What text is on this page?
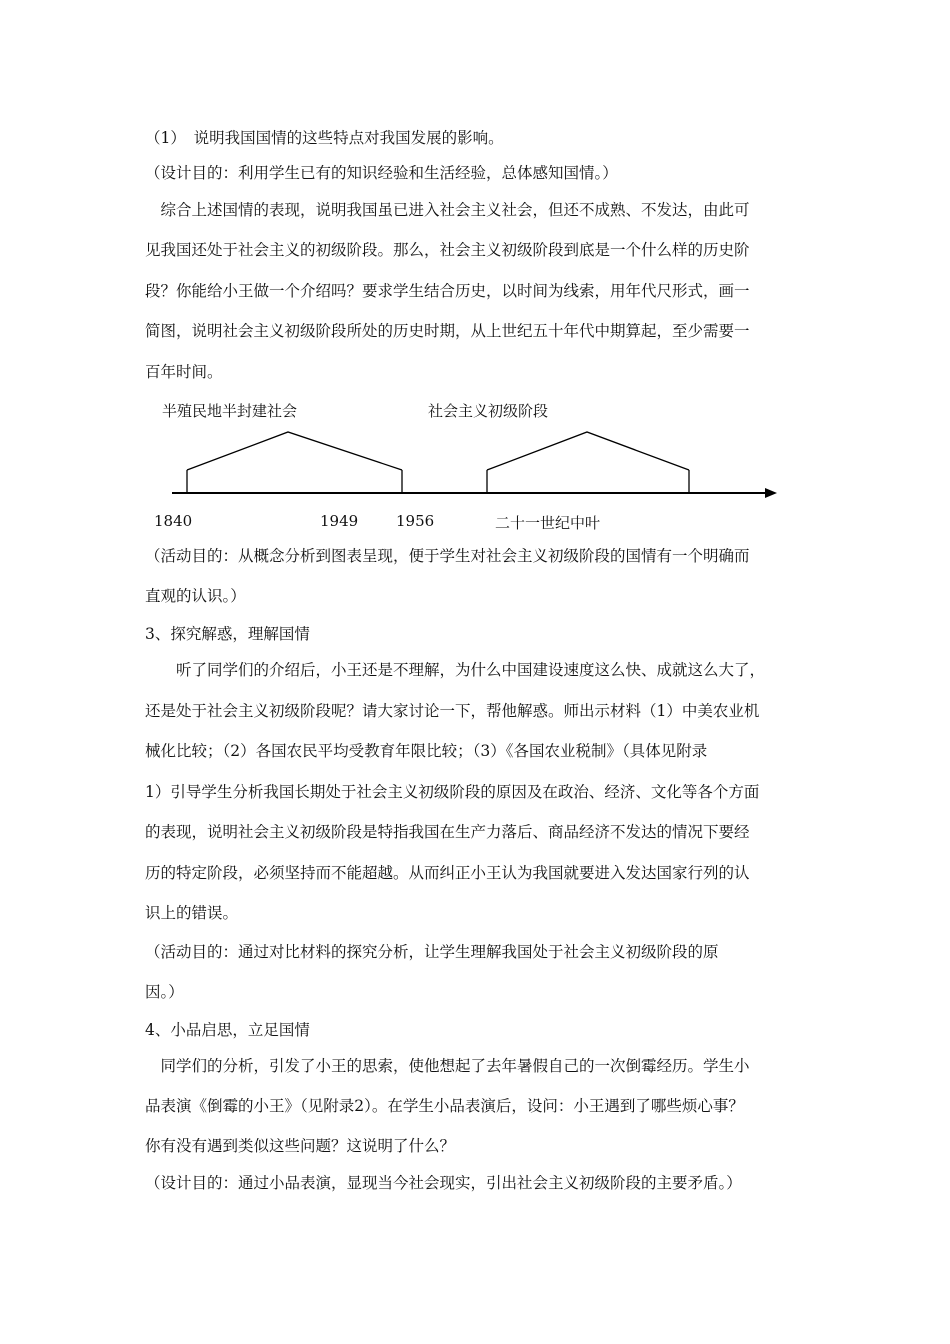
（1）　说明我国国情的这些特点对我国发展的影响。
（设计目的：利用学生已有的知识经验和生活经验，总体感知国情。）
　综合上述国情的表现，说明我国虽已进入社会主义社会，但还不成熟、不发达，由此可
见我国还处于社会主义的初级阶段。那么，社会主义初级阶段到底是一个什么样的历史阶
段？你能给小王做一个介绍吗？要求学生结合历史，以时间为线索，用年代尺形式，画一
简图，说明社会主义初级阶段所处的历史时期，从上世纪五十年代中期算起，至少需要一
百年时间。
半殖民地半封建社会	社会主义初级阶段
1840	1949	1956	二十一世纪中叶
（活动目的：从概念分析到图表呈现，便于学生对社会主义初级阶段的国情有一个明确而
直观的认识。）
3、探究解惑，理解国情
　　听了同学们的介绍后，小王还是不理解，为什么中国建设速度这么快、成就这么大了，
还是处于社会主义初级阶段呢？请大家讨论一下，帮他解惑。师出示材料（1）中美农业机
械化比较；（2）各国农民平均受教育年限比较；（3）《各国农业税制》（具体见附录
1）引导学生分析我国长期处于社会主义初级阶段的原因及在政治、经济、文化等各个方面
的表现，说明社会主义初级阶段是特指我国在生产力落后、商品经济不发达的情况下要经
历的特定阶段，必须坚持而不能超越。从而纠正小王认为我国就要进入发达国家行列的认
识上的错误。
（活动目的：通过对比材料的探究分析，让学生理解我国处于社会主义初级阶段的原
因。）
4、小品启思，立足国情
　同学们的分析，引发了小王的思索，使他想起了去年暑假自己的一次倒霉经历。学生小
品表演《倒霉的小王》（见附录2）。在学生小品表演后，设问：小王遇到了哪些烦心事？
你有没有遇到类似这些问题？这说明了什么？
（设计目的：通过小品表演，显现当今社会现实，引出社会主义初级阶段的主要矛盾。）
